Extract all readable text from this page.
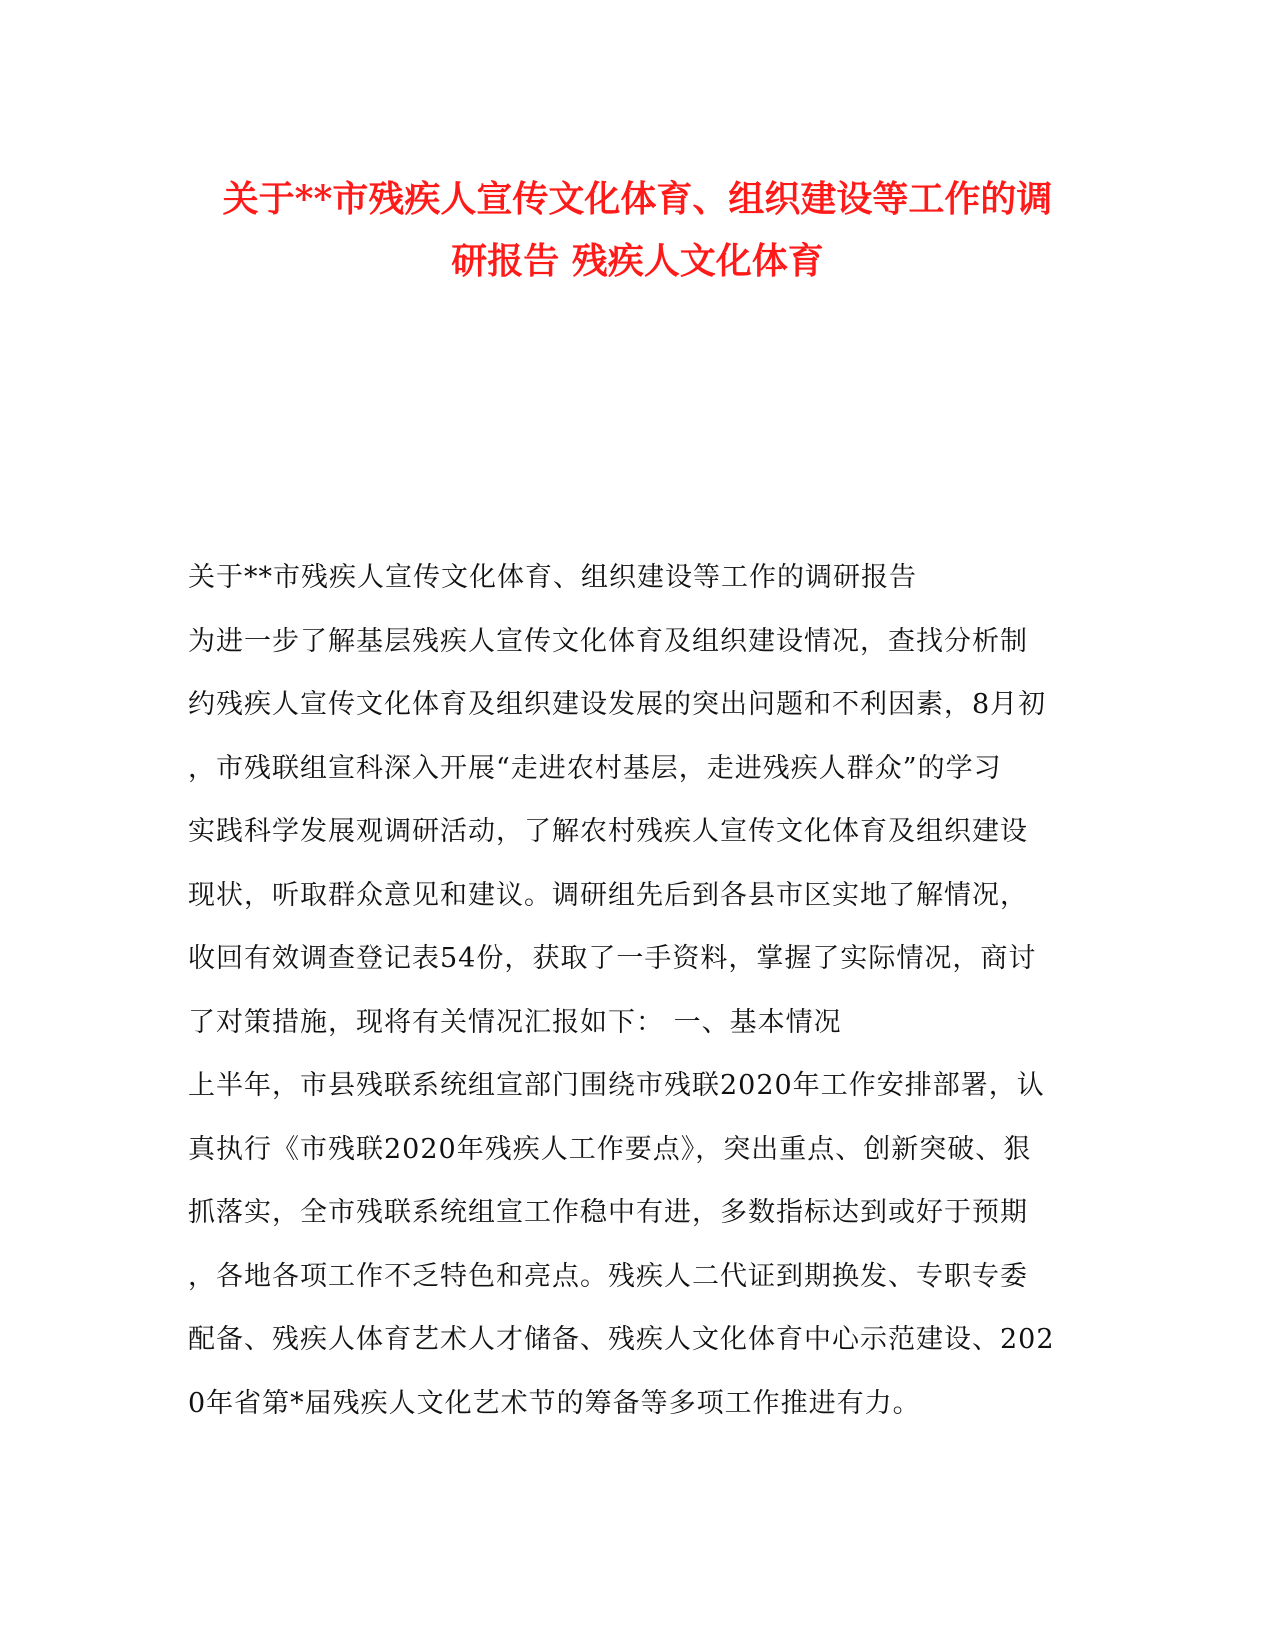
关于**市残疾人宣传文化体育、组织建设等工作的调
研报告 残疾人文化体育
关于**市残疾人宣传文化体育、组织建设等工作的调研报告
为进一步了解基层残疾人宣传文化体育及组织建设情况，查找分析制
约残疾人宣传文化体育及组织建设发展的突出问题和不利因素，8月初
，市残联组宣科深入开展“走进农村基层，走进残疾人群众”的学习
实践科学发展观调研活动，了解农村残疾人宣传文化体育及组织建设
现状，听取群众意见和建议。调研组先后到各县市区实地了解情况，
收回有效调查登记表54份，获取了一手资料，掌握了实际情况，商讨
了对策措施，现将有关情况汇报如下： 一、基本情况
上半年，市县残联系统组宣部门围绕市残联2020年工作安排部署，认
真执行《市残联2020年残疾人工作要点》，突出重点、创新突破、狠
抓落实，全市残联系统组宣工作稳中有进，多数指标达到或好于预期
，各地各项工作不乏特色和亮点。残疾人二代证到期换发、专职专委
配备、残疾人体育艺术人才储备、残疾人文化体育中心示范建设、202
0年省第*届残疾人文化艺术节的筹备等多项工作推进有力。
